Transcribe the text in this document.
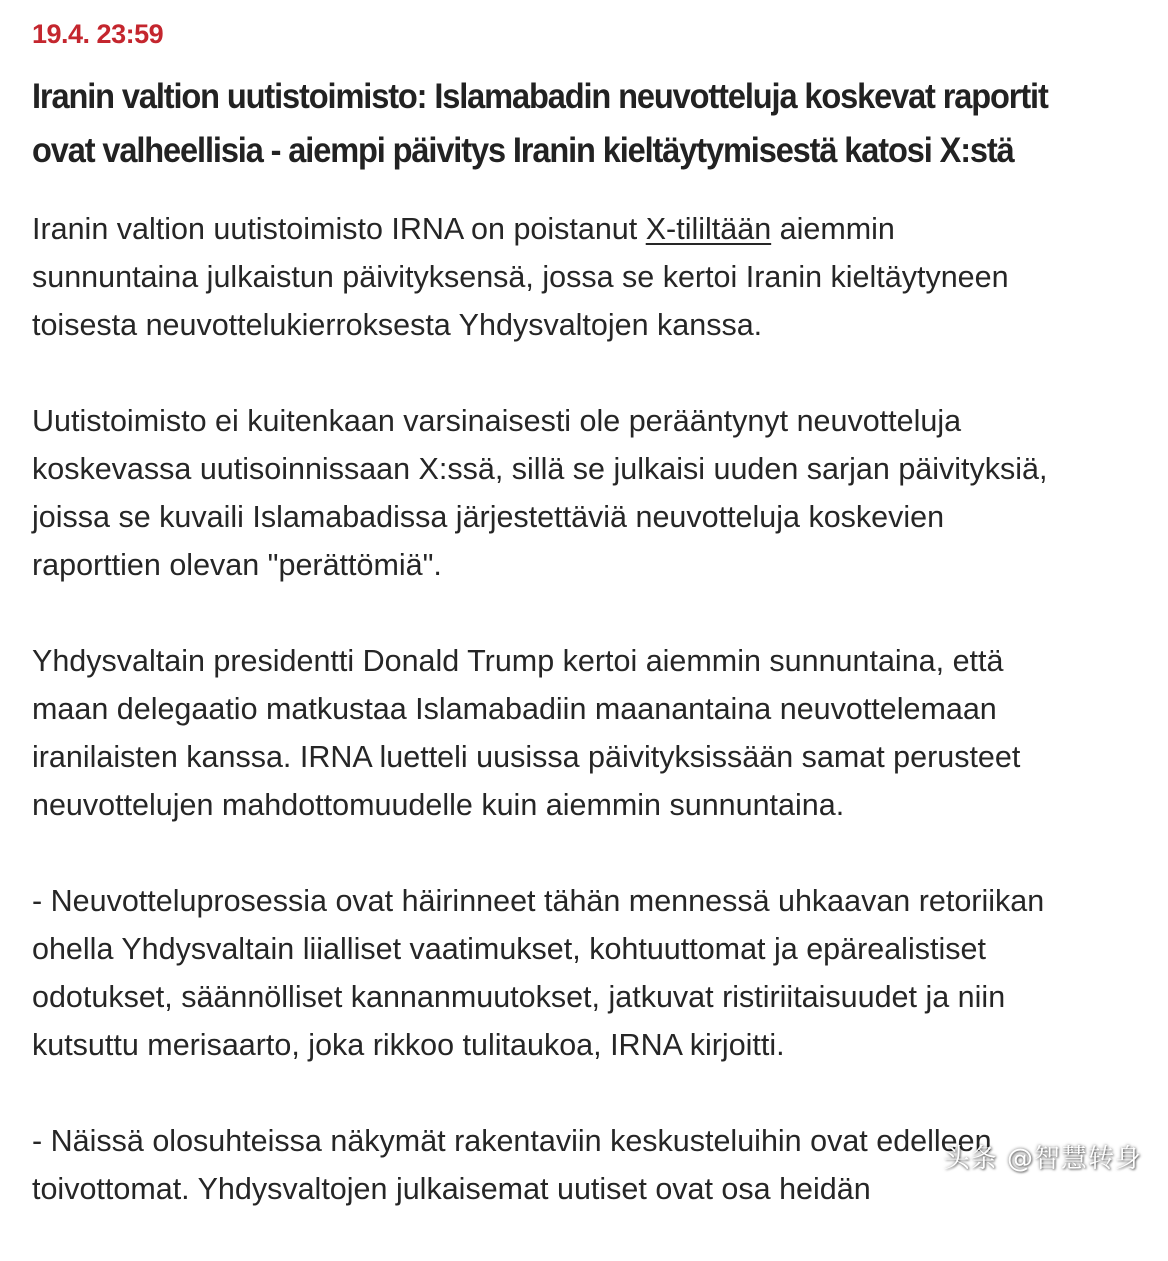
19.4. 23:59
Iranin valtion uutistoimisto: Islamabadin neuvotteluja koskevat raportit
ovat valheellisia - aiempi päivitys Iranin kieltäytymisestä katosi X:stä

Iranin valtion uutistoimisto IRNA on poistanut X-tililtään aiemmin
sunnuntaina julkaistun päivityksensä, jossa se kertoi Iranin kieltäytyneen
toisesta neuvottelukierroksesta Yhdysvaltojen kanssa.

Uutistoimisto ei kuitenkaan varsinaisesti ole perääntynyt neuvotteluja
koskevassa uutisoinnissaan X:ssä, sillä se julkaisi uuden sarjan päivityksiä,
joissa se kuvaili Islamabadissa järjestettäviä neuvotteluja koskevien
raporttien olevan "perättömiä".

Yhdysvaltain presidentti Donald Trump kertoi aiemmin sunnuntaina, että
maan delegaatio matkustaa Islamabadiin maanantaina neuvottelemaan
iranilaisten kanssa. IRNA luetteli uusissa päivityksissään samat perusteet
neuvottelujen mahdottomuudelle kuin aiemmin sunnuntaina.

- Neuvotteluprosessia ovat häirinneet tähän mennessä uhkaavan retoriikan
ohella Yhdysvaltain liialliset vaatimukset, kohtuuttomat ja epärealistiset
odotukset, säännölliset kannanmuutokset, jatkuvat ristiriitaisuudet ja niin
kutsuttu merisaarto, joka rikkoo tulitaukoa, IRNA kirjoitti.

- Näissä olosuhteissa näkymät rakentaviin keskusteluihin ovat edelleen
toivottomat. Yhdysvaltojen julkaisemat uutiset ovat osa heidän

头条 @智慧转身
